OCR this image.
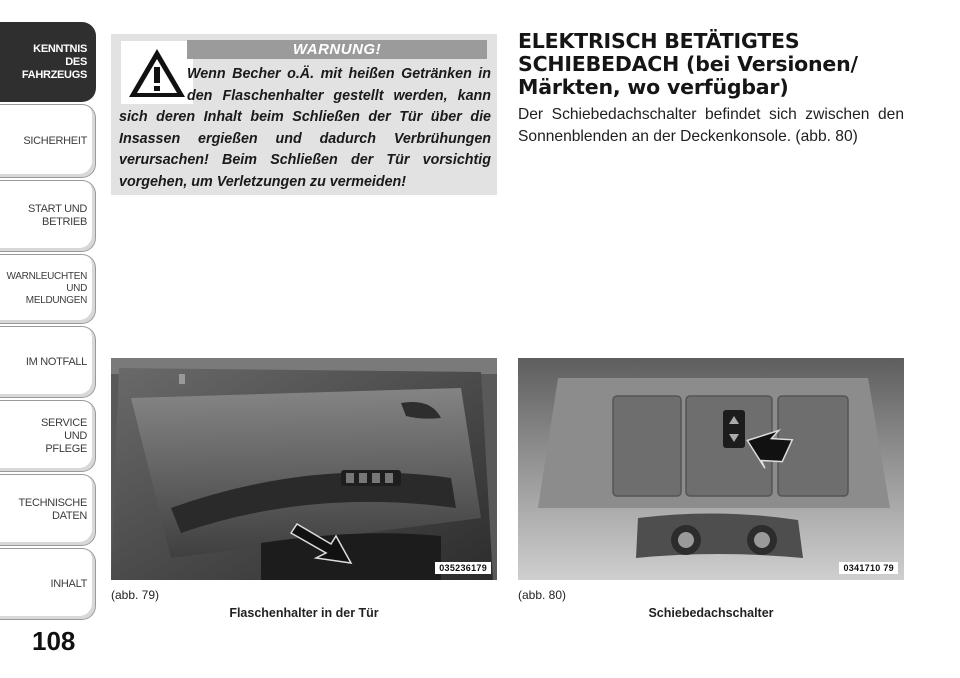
KENNTNIS
DES
FAHRZEUGS
SICHERHEIT
START UND
BETRIEB
WARNLEUCHTEN
UND
MELDUNGEN
IM NOTFALL
SERVICE
UND
PFLEGE
TECHNISCHE
DATEN
INHALT
108
WARNUNG!
Wenn Becher o.Ä. mit heißen Getränken in den Flaschenhalter gestellt werden, kann sich deren Inhalt beim Schließen der Tür über die Insassen ergießen und dadurch Verbrühungen verursachen! Beim Schließen der Tür vorsichtig vorgehen, um Verletzungen zu vermeiden!
ELEKTRISCH BETÄTIGTES SCHIEBEDACH (bei Versionen/ Märkten, wo verfügbar)
Der Schiebedachschalter befindet sich zwischen den Sonnenblenden an der Deckenkonsole. (abb. 80)
035236179
(abb. 79)
Flaschenhalter in der Tür
0341710 79
(abb. 80)
Schiebedachschalter
